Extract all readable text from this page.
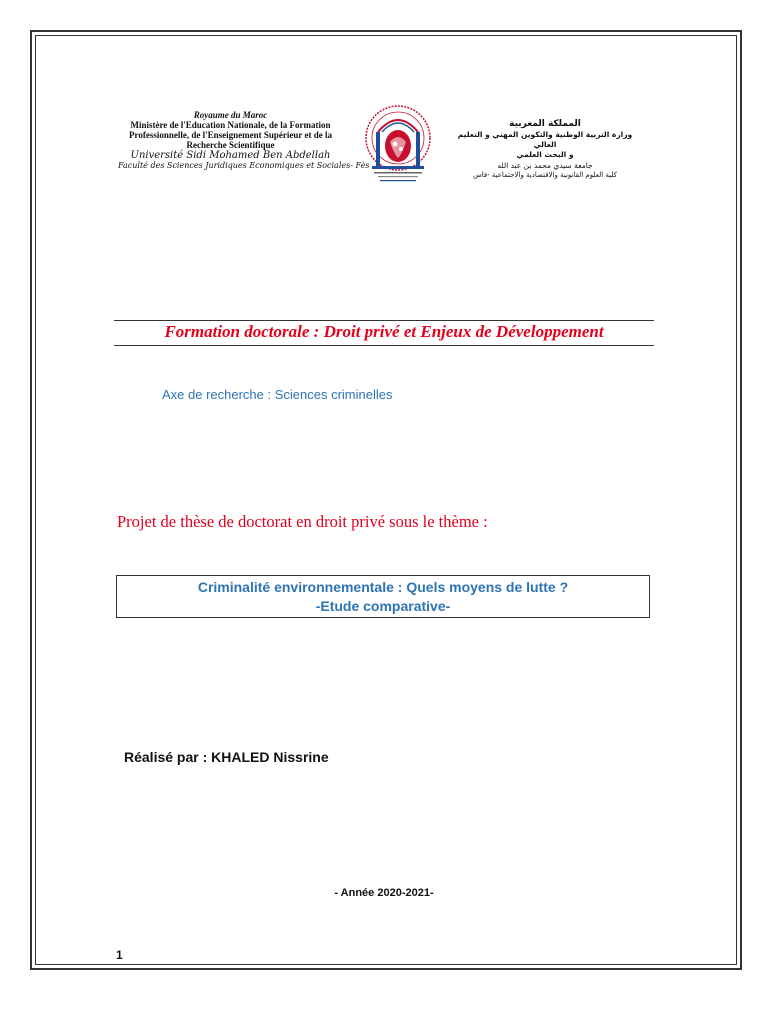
Royaume du Maroc
Ministère de l'Education Nationale, de la Formation
Professionnelle, de l'Enseignement Supérieur et de la
Recherche Scientifique
Université Sidi Mohamed Ben Abdellah
Faculté des Sciences Juridiques Economiques et Sociales- Fès
المملكة المغربية
وزارة التربية الوطنية والتكوين المهني و التعليم العالي
و البحث العلمي
جامعة سيدي محمد بن عبد الله
كلية العلوم القانونية والاقتصادية والاجتماعية -فاس
Formation doctorale : Droit privé et Enjeux de Développement
Axe de recherche : Sciences criminelles
Projet de thèse de doctorat en droit privé sous le thème :
Criminalité environnementale : Quels moyens de lutte ?
-Etude comparative-
Réalisé par : KHALED Nissrine
- Année 2020-2021-
1
